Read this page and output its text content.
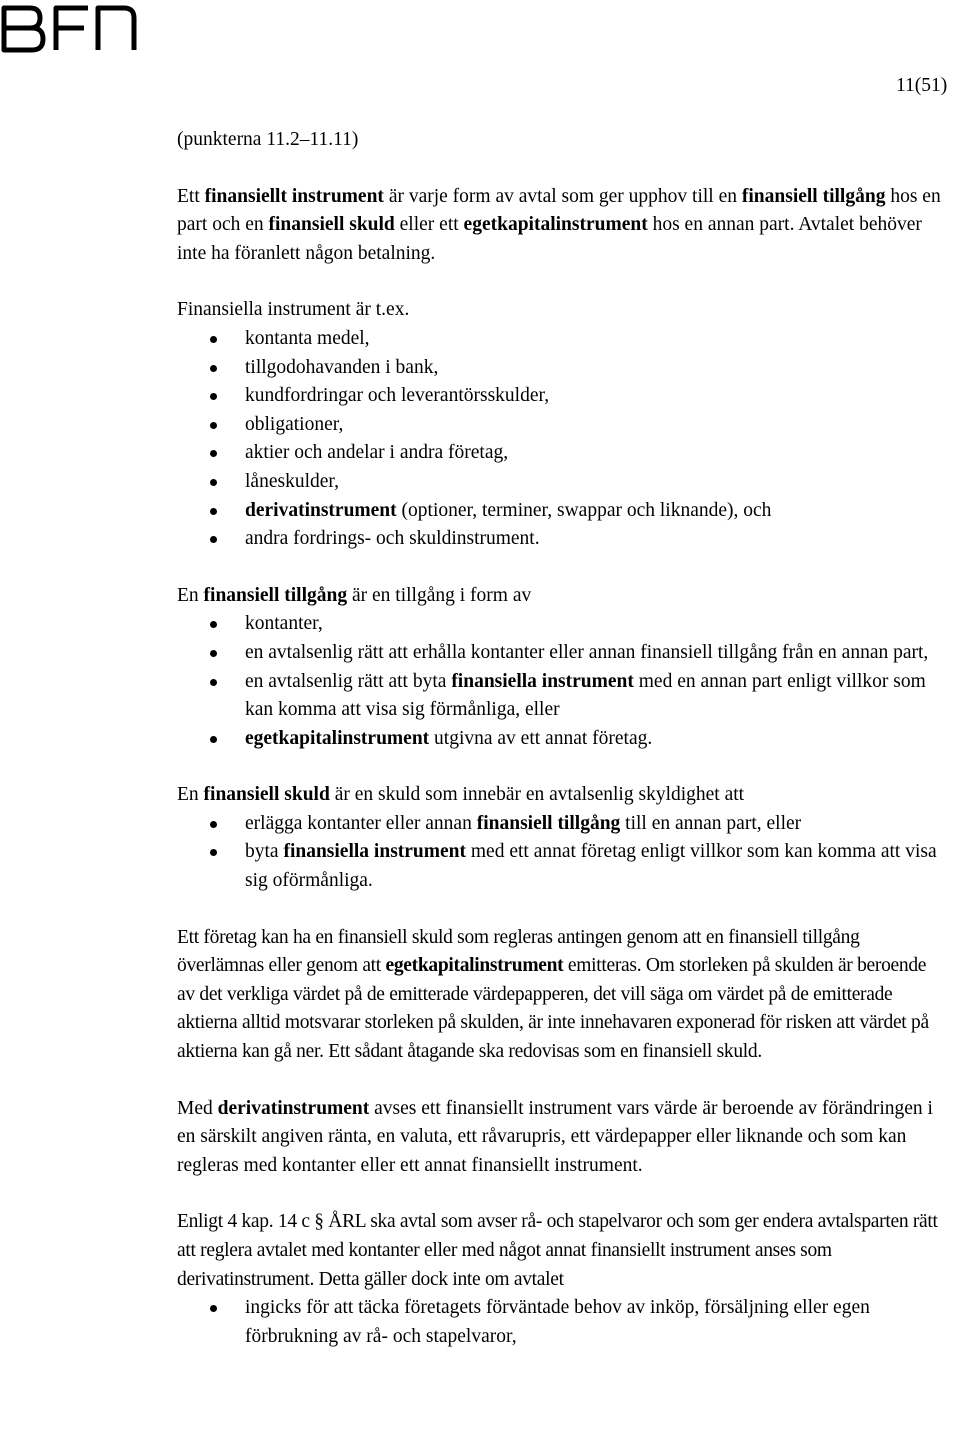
11(51)

(punkterna 11.2–11.11)

Ett finansiellt instrument är varje form av avtal som ger upphov till en finansiell tillgång hos en part och en finansiell skuld eller ett egetkapitalinstrument hos en annan part. Avtalet behöver inte ha föranlett någon betalning.

Finansiella instrument är t.ex.

kontanta medel,
tillgodohavanden i bank,
kundfordringar och leverantörsskulder,
obligationer,
aktier och andelar i andra företag,
låneskulder,
derivatinstrument (optioner, terminer, swappar och liknande), och
andra fordrings- och skuldinstrument.

En finansiell tillgång är en tillgång i form av

kontanter,
en avtalsenlig rätt att erhålla kontanter eller annan finansiell tillgång från en annan part,
en avtalsenlig rätt att byta finansiella instrument med en annan part enligt villkor som kan komma att visa sig förmånliga, eller
egetkapitalinstrument utgivna av ett annat företag.

En finansiell skuld är en skuld som innebär en avtalsenlig skyldighet att

erlägga kontanter eller annan finansiell tillgång till en annan part, eller
byta finansiella instrument med ett annat företag enligt villkor som kan komma att visa sig oförmånliga.

Ett företag kan ha en finansiell skuld som regleras antingen genom att en finansiell tillgång överlämnas eller genom att egetkapitalinstrument emitteras. Om storleken på skulden är beroende av det verkliga värdet på de emitterade värdepapperen, det vill säga om värdet på de emitterade aktierna alltid motsvarar storleken på skulden, är inte innehavaren exponerad för risken att värdet på aktierna kan gå ner. Ett sådant åtagande ska redovisas som en finansiell skuld.

Med derivatinstrument avses ett finansiellt instrument vars värde är beroende av förändringen i en särskilt angiven ränta, en valuta, ett råvarupris, ett värdepapper eller liknande och som kan regleras med kontanter eller ett annat finansiellt instrument.

Enligt 4 kap. 14 c § ÅRL ska avtal som avser rå- och stapelvaror och som ger endera avtalsparten rätt att reglera avtalet med kontanter eller med något annat finansiellt instrument anses som derivatinstrument. Detta gäller dock inte om avtalet

ingicks för att täcka företagets förväntade behov av inköp, försäljning eller egen förbrukning av rå- och stapelvaror,
